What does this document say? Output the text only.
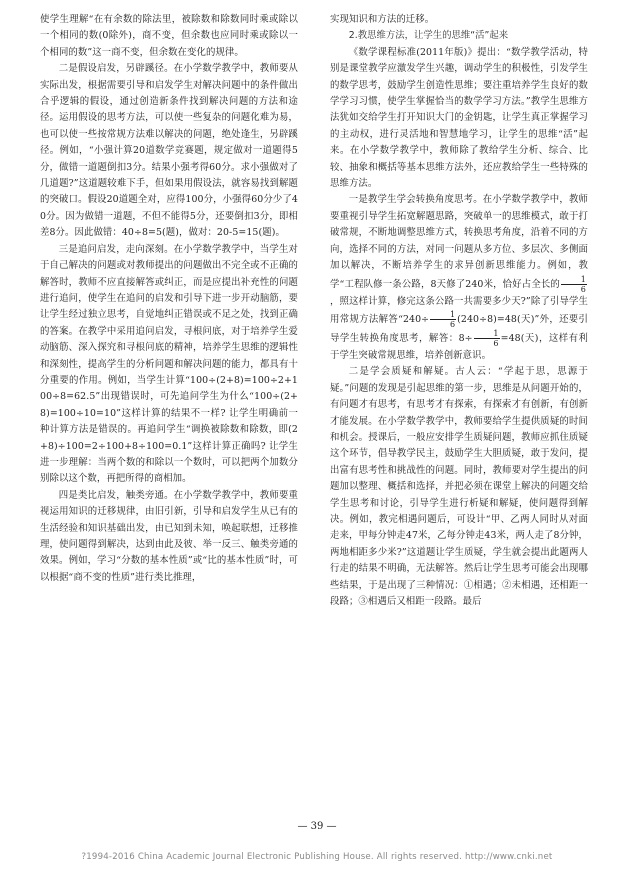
使学生理解“在有余数的除法里，被除数和除数同时乘或除以一个相同的数(0除外)，商不变，但余数也应同时乘或除以一个相同的数”这一商不变，但余数在变化的规律。

二是假设启发，另辟蹊径。在小学数学教学中，教师要从实际出发，根据需要引导和启发学生对解决问题中的条件做出合乎逻辑的假设，通过创造新条件找到解决问题的方法和途径。运用假设的思考方法，可以使一些复杂的问题化难为易，也可以使一些按常规方法难以解决的问题，绝处逢生，另辟蹊径。例如，“小强计算20道数学竞赛题，规定做对一道题得5分，做错一道题倒扣3分。结果小强考得60分。求小强做对了几道题?”这道题较难下手，但如果用假设法，就容易找到解题的突破口。假设20道题全对，应得100分，小强得60分少了40分。因为做错一道题，不但不能得5分，还要倒扣3分，即相差8分。因此做错：40÷8=5(题)，做对：20-5=15(题)。

三是追问启发，走向深刻。在小学数学教学中，当学生对于自己解决的问题或对教师提出的问题做出不完全或不正确的解答时，教师不应直接解答或纠正，而是应提出补充性的问题进行追问，使学生在追问的启发和引导下进一步开动脑筋，要让学生经过独立思考，自觉地纠正错误或不足之处，找到正确的答案。在教学中采用追问启发，寻根问底，对于培养学生爱动脑筋、深入探究和寻根问底的精神，培养学生思维的逻辑性和深刻性，提高学生的分析问题和解决问题的能力，都具有十分重要的作用。例如，当学生计算“100÷(2+8)=100÷2+100÷8=62.5”出现错误时，可先追问学生为什么“100÷(2+8)=100÷10=10”这样计算的结果不一样? 让学生明确前一种计算方法是错误的。再追问学生“调换被除数和除数，即(2+8)÷100=2÷100+8÷100=0.1”这样计算正确吗? 让学生进一步理解：当两个数的和除以一个数时，可以把两个加数分别除以这个数，再把所得的商相加。

四是类比启发，触类旁通。在小学数学教学中，教师要重视运用知识的迁移规律，由旧引新，引导和启发学生从已有的生活经验和知识基础出发，由已知到未知，唤起联想，迁移推理，使问题得到解决，达到由此及彼、举一反三、触类旁通的效果。例如，学习“分数的基本性质”或“比的基本性质”时，可以根据“商不变的性质”进行类比推理，

实现知识和方法的迁移。

2.教思维方法，让学生的思维“活”起来

《数学课程标准(2011年版)》提出：“数学教学活动，特别是课堂教学应激发学生兴趣，调动学生的积极性，引发学生的数学思考，鼓励学生创造性思维；要注重培养学生良好的数学学习习惯，使学生掌握恰当的数学学习方法。”教学生思维方法犹如交给学生打开知识大门的金钥匙，让学生真正掌握学习的主动权，进行灵活地和智慧地学习，让学生的思维“活”起来。在小学数学教学中，教师除了教给学生分析、综合、比较、抽象和概括等基本思维方法外，还应教给学生一些特殊的思维方法。

一是教学生学会转换角度思考。在小学数学教学中，教师要重视引导学生拓宽解题思路，突破单一的思维模式，敢于打破常规，不断地调整思维方式，转换思考角度，沿着不同的方向，选择不同的方法，对同一问题从多方位、多层次、多侧面加以解决，不断培养学生的求异创新思维能力。例如，教学“工程队修一条公路，8天修了240米，恰好占全长的 $\frac{1}{6}$
，照这样计算，修完这条公路一共需要多少天?”除了引导学生用常规方法解答“$240\div \frac{1}{6} (240\div 8)=48$(天)”外，还要引导学生转换角度思考，解答：$8\div \frac{1}{6} =48$(天)，这样有利于学生突破常规思维，培养创新意识。

二是学会质疑和解疑。古人云：“学起于思，思源于疑。”问题的发现是引起思维的第一步，思维是从问题开始的，有问题才有思考，有思考才有探索，有探索才有创新，有创新才能发展。在小学数学教学中，教师要给学生提供质疑的时间和机会。授课后，一般应安排学生质疑问题，教师应抓住质疑这个环节，倡导教学民主，鼓励学生大胆质疑，敢于发问，提出富有思考性和挑战性的问题。同时，教师要对学生提出的问题加以整理、概括和选择，并把必须在课堂上解决的问题交给学生思考和讨论，引导学生进行析疑和解疑，使问题得到解决。例如，教完相遇问题后，可设计“甲、乙两人同时从对面走来，甲每分钟走47米，乙每分钟走43米，两人走了8分钟，两地相距多少米?”这道题让学生质疑，学生就会提出此题两人行走的结果不明确，无法解答。然后让学生思考可能会出现哪些结果，于是出现了三种情况：①相遇；②未相遇，还相距一段路；③相遇后又相距一段路。最后

— 39 —
?1994-2016 China Academic Journal Electronic Publishing House. All rights reserved. http://www.cnki.net
